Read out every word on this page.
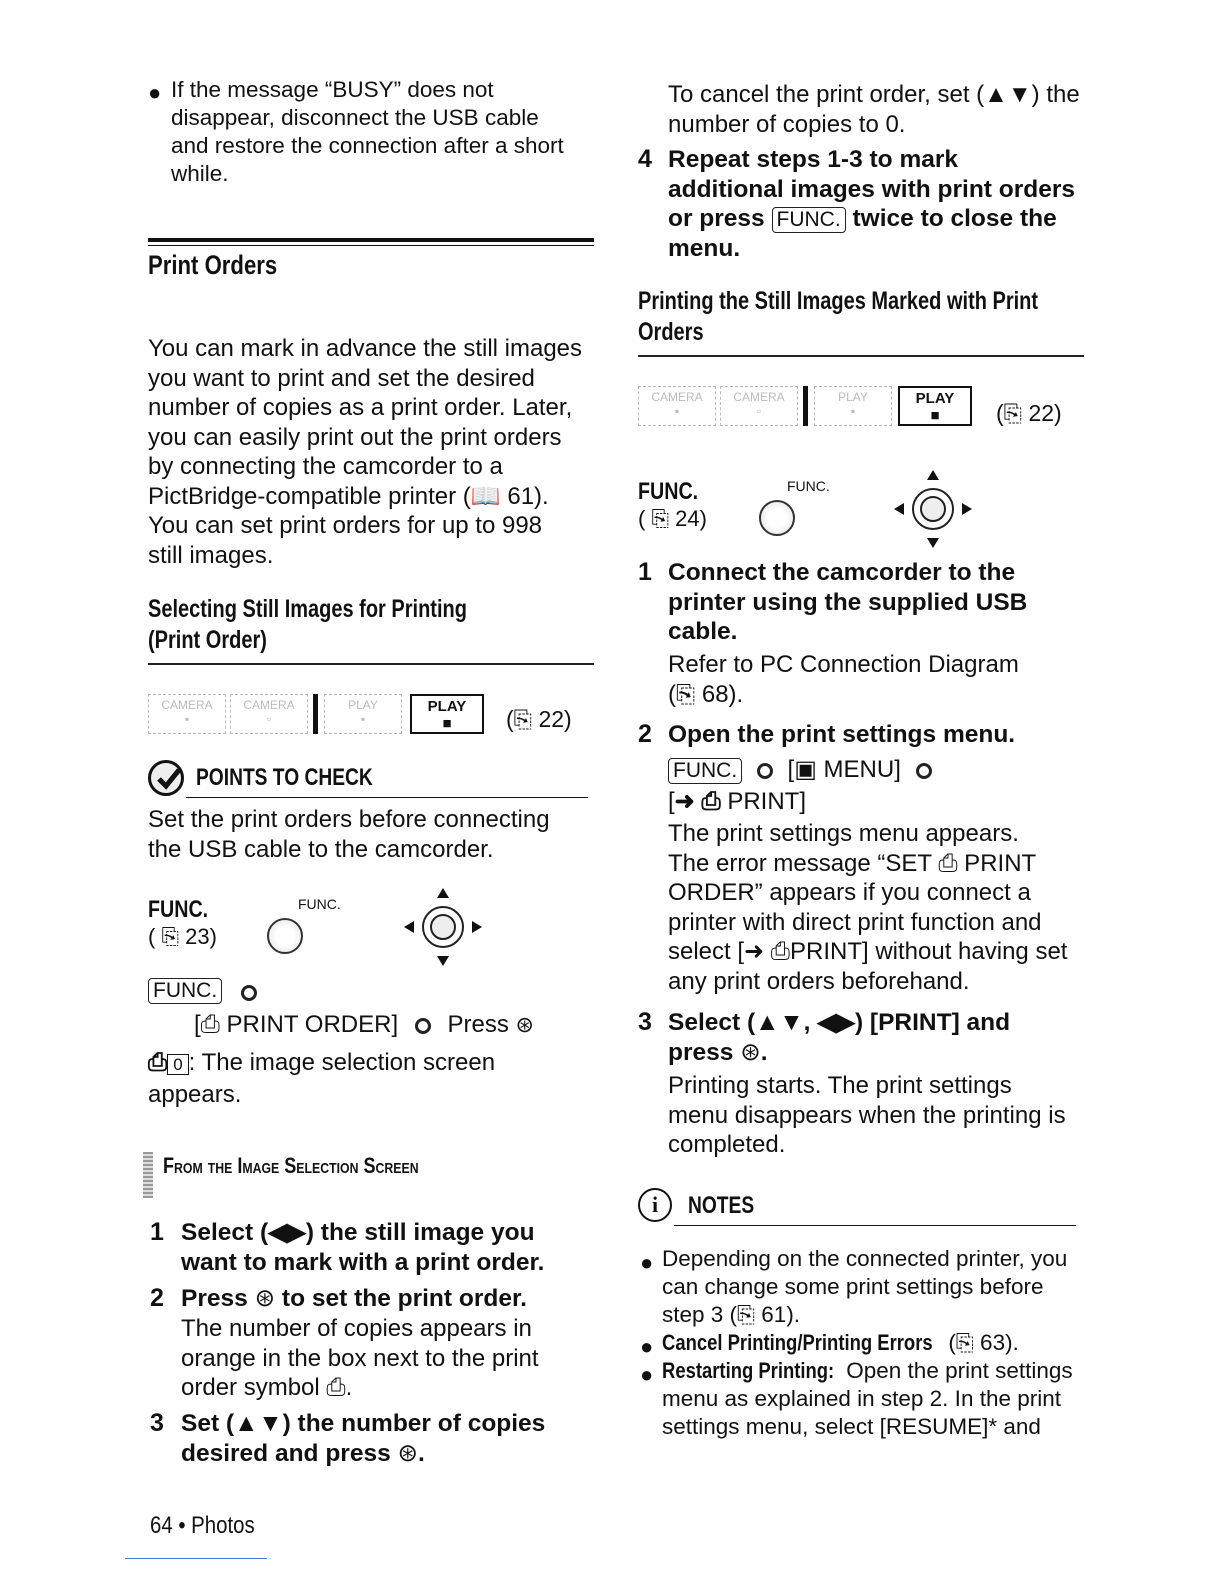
● If the message “BUSY” does not
disappear, disconnect the USB cable
and restore the connection after a short
while.
Print Orders
You can mark in advance the still images
you want to print and set the desired
number of copies as a print order. Later,
you can easily print out the print orders
by connecting the camcorder to a
PictBridge-compatible printer (📖 61).
You can set print orders for up to 998
still images.
Selecting Still Images for Printing
(Print Order)
CAMERA
▪
CAMERA
▫
PLAY
▪
PLAY
■	(⎘ 22)
POINTS TO CHECK
Set the print orders before connecting
the USB cable to the camcorder.
FUNC.
( ⎘ 23)
FUNC.
FUNC.
[⎙ PRINT ORDER] Press ⊛
⎙ 0 : The image selection screen
appears.
From the Image Selection Screen
1 Select (◀▶) the still image you
want to mark with a print order.
2 Press ⊛ to set the print order.
The number of copies appears in
orange in the box next to the print
order symbol ⎙.
3 Set (▲▼) the number of copies
desired and press ⊛.
64 • Photos
To cancel the print order, set (▲▼) the
number of copies to 0.
4 Repeat steps 1-3 to mark
additional images with print orders
or press FUNC. twice to close the
menu.
Printing the Still Images Marked with Print
Orders
CAMERA
▪
CAMERA
▫
PLAY
▪
PLAY
■	(⎘ 22)
FUNC.
( ⎘ 24)
FUNC.
1 Connect the camcorder to the
printer using the supplied USB
cable.
Refer to PC Connection Diagram
(⎘ 68).
2 Open the print settings menu.
FUNC.  [▣ MENU]
[➜ ⎙ PRINT]
The print settings menu appears.
The error message “SET ⎙ PRINT
ORDER” appears if you connect a
printer with direct print function and
select [➜ ⎙PRINT] without having set
any print orders beforehand.
3 Select (▲▼, ◀▶) [PRINT] and
press ⊛.
Printing starts. The print settings
menu disappears when the printing is
completed.
i	NOTES
● Depending on the connected printer, you
can change some print settings before
step 3 (⎘ 61).
● Cancel Printing/Printing Errors (⎘ 63).
● Restarting Printing: Open the print settings
menu as explained in step 2. In the print
settings menu, select [RESUME]* and
